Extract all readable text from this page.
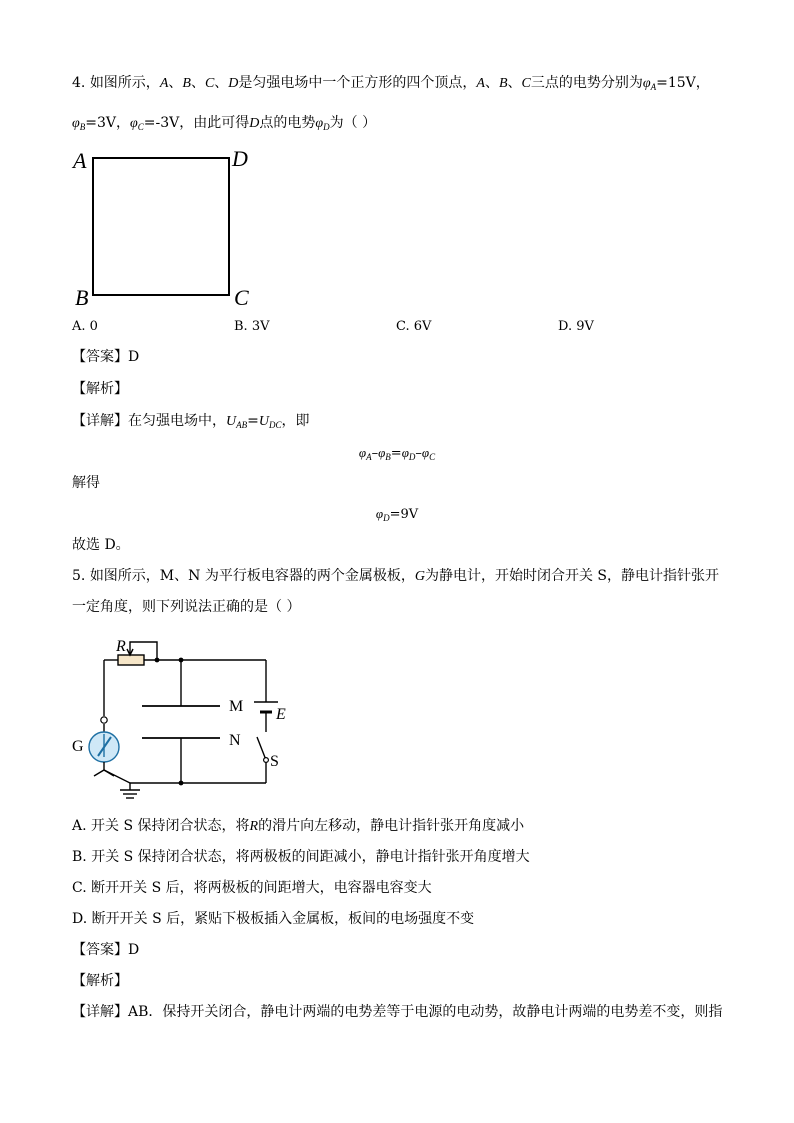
4. 如图所示，A、B、C、D是匀强电场中一个正方形的四个顶点，A、B、C三点的电势分别为$\varphi_A=15V$，
$\varphi_B=3V$，$\varphi_C=-3V$，由此可得D点的电势$\varphi_D$为（ ）
A	D
B	C
A. 0	B. 3V	C. 6V	D. 9V
【答案】D
【解析】
【详解】在匀强电场中，$U_{AB}=U_{DC}$，即
$\varphi_A-\varphi_B=\varphi_D-\varphi_C$
解得
$\varphi_D=9V$
故选 D。
5. 如图所示，M、N 为平行板电容器的两个金属极板，G为静电计，开始时闭合开关 S，静电计指针张开
一定角度，则下列说法正确的是（ ）
R
M
N
E
S
G
A. 开关 S 保持闭合状态，将R的滑片向左移动，静电计指针张开角度减小
B. 开关 S 保持闭合状态，将两极板的间距减小，静电计指针张开角度增大
C. 断开开关 S 后，将两极板的间距增大，电容器电容变大
D. 断开开关 S 后，紧贴下极板插入金属板，板间的电场强度不变
【答案】D
【解析】
【详解】AB．保持开关闭合，静电计两端的电势差等于电源的电动势，故静电计两端的电势差不变，则指
